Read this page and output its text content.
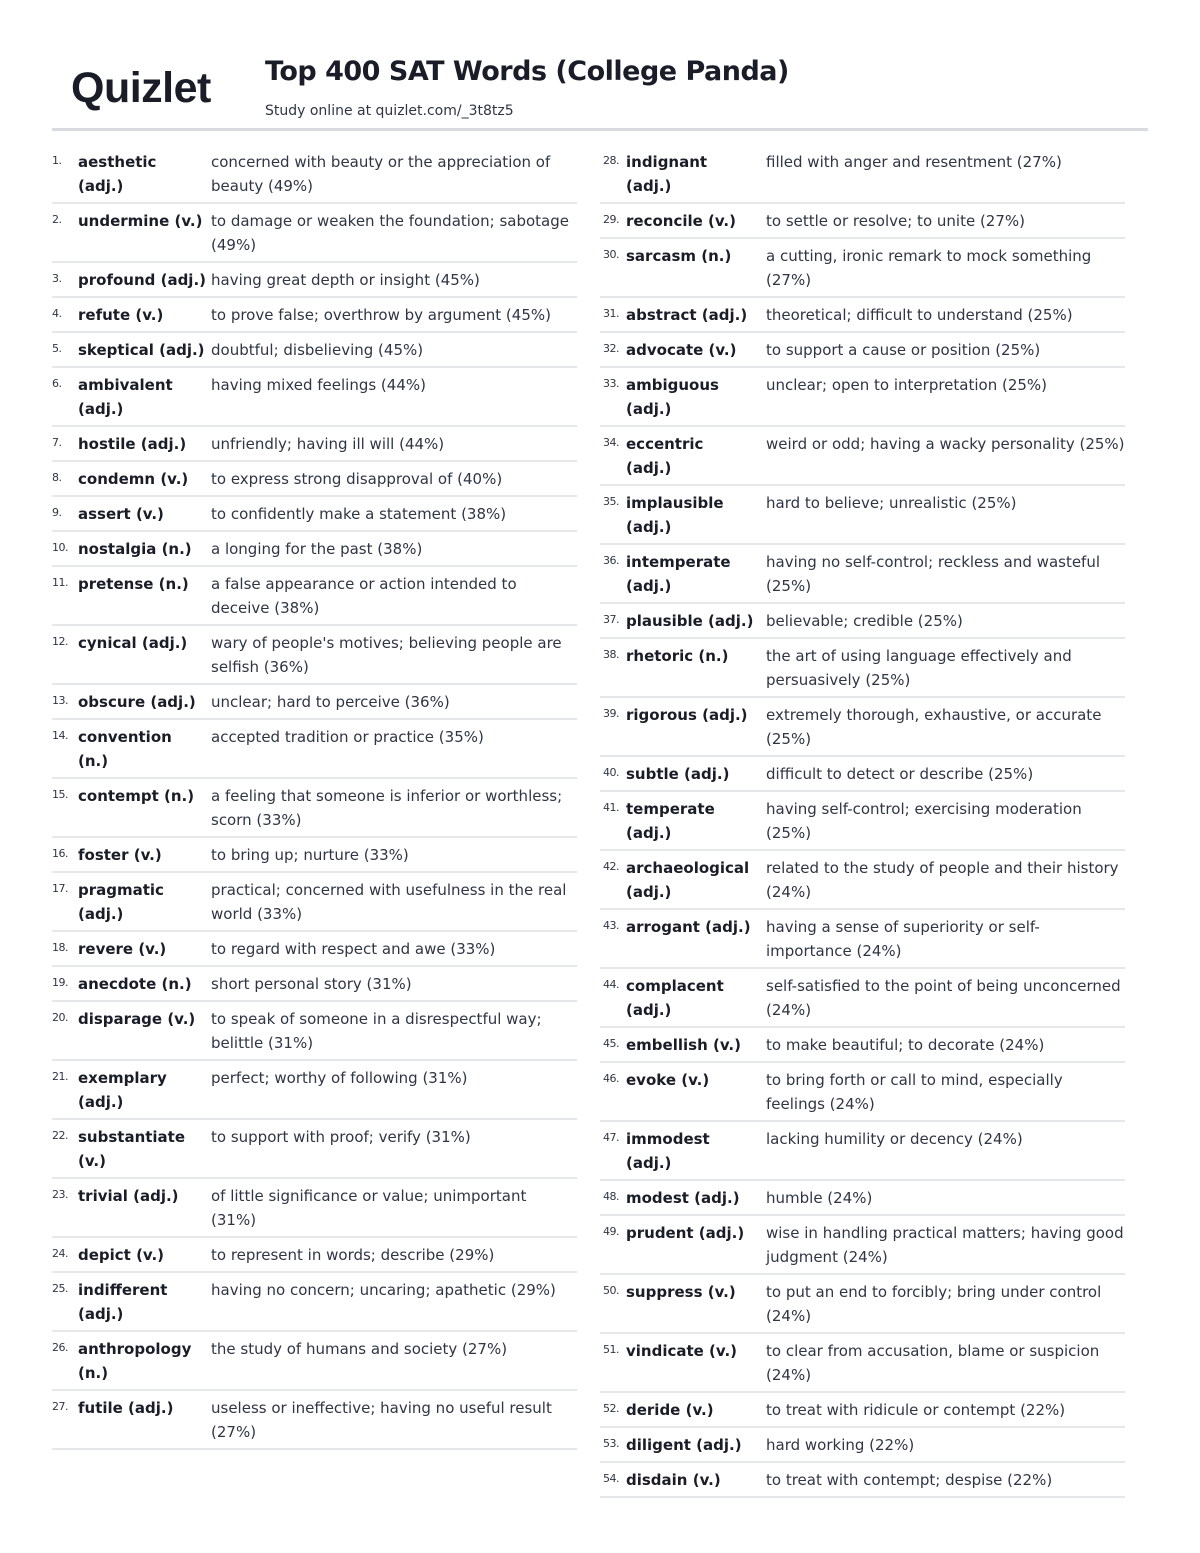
Quizlet Top 400 SAT Words (College Panda)
Study online at quizlet.com/_3t8tz5
1.	aesthetic (adj.)
concerned with beauty or the appreciation of beauty (49%)
2.	undermine (v.) to damage or weaken the foundation; sabotage (49%)
3.	profound (adj.) having great depth or insight (45%)
4.	refute (v.)	to prove false; overthrow by argument (45%)
5.	skeptical (adj.) doubtful; disbelieving (45%)
6.	ambivalent (adj.)
having mixed feelings (44%)
7.	hostile (adj.) unfriendly; having ill will (44%)
8.	condemn (v.) to express strong disapproval of (40%)
9.	assert (v.)	to confidently make a statement (38%)
10. nostalgia (n.) a longing for the past (38%)
11. pretense (n.) a false appearance or action intended to deceive (38%)
12. cynical (adj.) wary of people's motives; believing people are selfish (36%)
13. obscure (adj.) unclear; hard to perceive (36%)
14. convention (n.)
accepted tradition or practice (35%)
15. contempt (n.) a feeling that someone is inferior or worthless; scorn (33%)
16. foster (v.)	to bring up; nurture (33%)
17. pragmatic (adj.)
practical; concerned with usefulness in the real world (33%)
18. revere (v.)	to regard with respect and awe (33%)
19. anecdote (n.) short personal story (31%)
20. disparage (v.) to speak of someone in a disrespectful way; belittle (31%)
21. exemplary (adj.)
perfect; worthy of following (31%)
22. substantiate (v.)
to support with proof; verify (31%)
23. trivial (adj.) of little significance or value; unimportant (31%)
24. depict (v.)	to represent in words; describe (29%)
25. indifferent (adj.)
having no concern; uncaring; apathetic (29%)
26. anthropology (n.)
the study of humans and society (27%)
27. futile (adj.)	useless or ineffective; having no useful result (27%)
28. indignant (adj.)
filled with anger and resentment (27%)
29. reconcile (v.) to settle or resolve; to unite (27%)
30. sarcasm (n.) a cutting, ironic remark to mock something (27%)
31. abstract (adj.) theoretical; difficult to understand (25%)
32. advocate (v.) to support a cause or position (25%)
33. ambiguous (adj.)
unclear; open to interpretation (25%)
34. eccentric (adj.)
weird or odd; having a wacky personality (25%)
35. implausible (adj.)
hard to believe; unrealistic (25%)
36. intemperate (adj.)
having no self-control; reckless and wasteful (25%)
37. plausible (adj.) believable; credible (25%)
38. rhetoric (n.)	the art of using language effectively and persuasively (25%)
39. rigorous (adj.) extremely thorough, exhaustive, or accurate (25%)
40. subtle (adj.) difficult to detect or describe (25%)
41. temperate (adj.)
having self-control; exercising moderation (25%)
42. archaeological (adj.)
related to the study of people and their history (24%)
43. arrogant (adj.) having a sense of superiority or self-importance (24%)
44. complacent (adj.)
self-satisfied to the point of being unconcerned (24%)
45. embellish (v.) to make beautiful; to decorate (24%)
46. evoke (v.)	to bring forth or call to mind, especially feelings (24%)
47. immodest (adj.)
lacking humility or decency (24%)
48. modest (adj.) humble (24%)
49. prudent (adj.) wise in handling practical matters; having good judgment (24%)
50. suppress (v.) to put an end to forcibly; bring under control (24%)
51. vindicate (v.) to clear from accusation, blame or suspicion (24%)
52. deride (v.)	to treat with ridicule or contempt (22%)
53. diligent (adj.) hard working (22%)
54. disdain (v.)	to treat with contempt; despise (22%)
